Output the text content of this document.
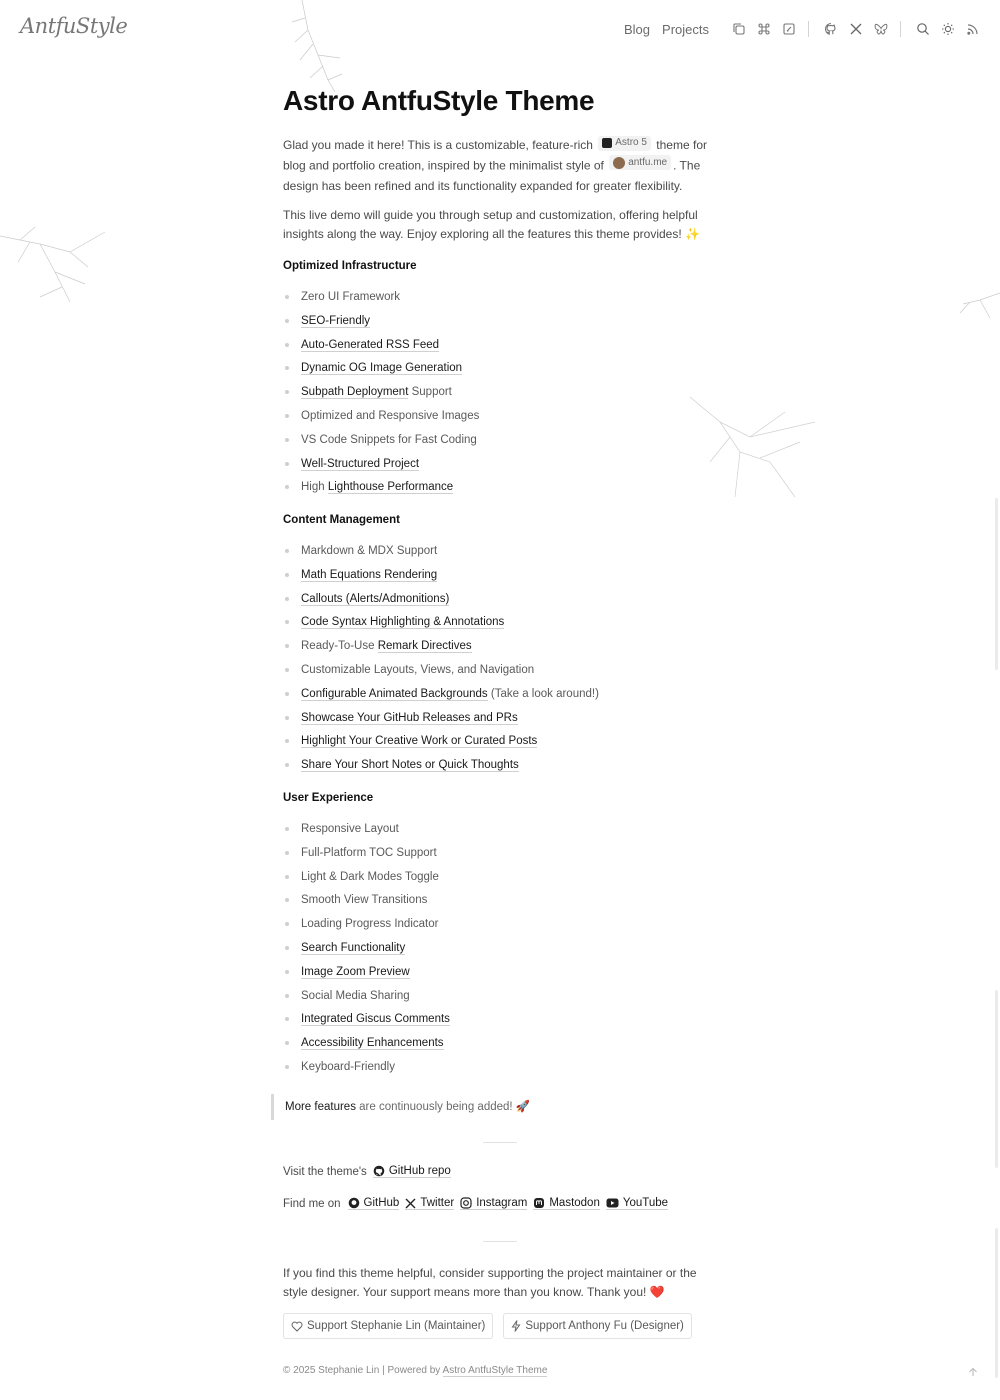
AntfuStyle	Blog Projects
Astro AntfuStyle Theme

Glad you made it here! This is a customizable, feature-rich Astro 5 theme for blog and portfolio creation, inspired by the minimalist style of antfu.me . The design has been refined and its functionality expanded for greater flexibility.

This live demo will guide you through setup and customization, offering helpful insights along the way. Enjoy exploring all the features this theme provides! ✨

Optimized Infrastructure
Zero UI Framework
SEO-Friendly
Auto-Generated RSS Feed
Dynamic OG Image Generation
Subpath Deployment Support
Optimized and Responsive Images
VS Code Snippets for Fast Coding
Well-Structured Project
High Lighthouse Performance
Content Management
Markdown & MDX Support
Math Equations Rendering
Callouts (Alerts/Admonitions)
Code Syntax Highlighting & Annotations
Ready-To-Use Remark Directives
Customizable Layouts, Views, and Navigation
Configurable Animated Backgrounds (Take a look around!)
Showcase Your GitHub Releases and PRs
Highlight Your Creative Work or Curated Posts
Share Your Short Notes or Quick Thoughts
User Experience
Responsive Layout
Full-Platform TOC Support
Light & Dark Modes Toggle
Smooth View Transitions
Loading Progress Indicator
Search Functionality
Image Zoom Preview
Social Media Sharing
Integrated Giscus Comments
Accessibility Enhancements
Keyboard-Friendly
More features are continuously being added! 🚀
Visit the theme's GitHub repo
Find me on GitHub Twitter Instagram Mastodon YouTube

If you find this theme helpful, consider supporting the project maintainer or the style designer. Your support means more than you know. Thank you! ❤️

Support Stephanie Lin (Maintainer)	Support Anthony Fu (Designer)
© 2025 Stephanie Lin | Powered by Astro AntfuStyle Theme
